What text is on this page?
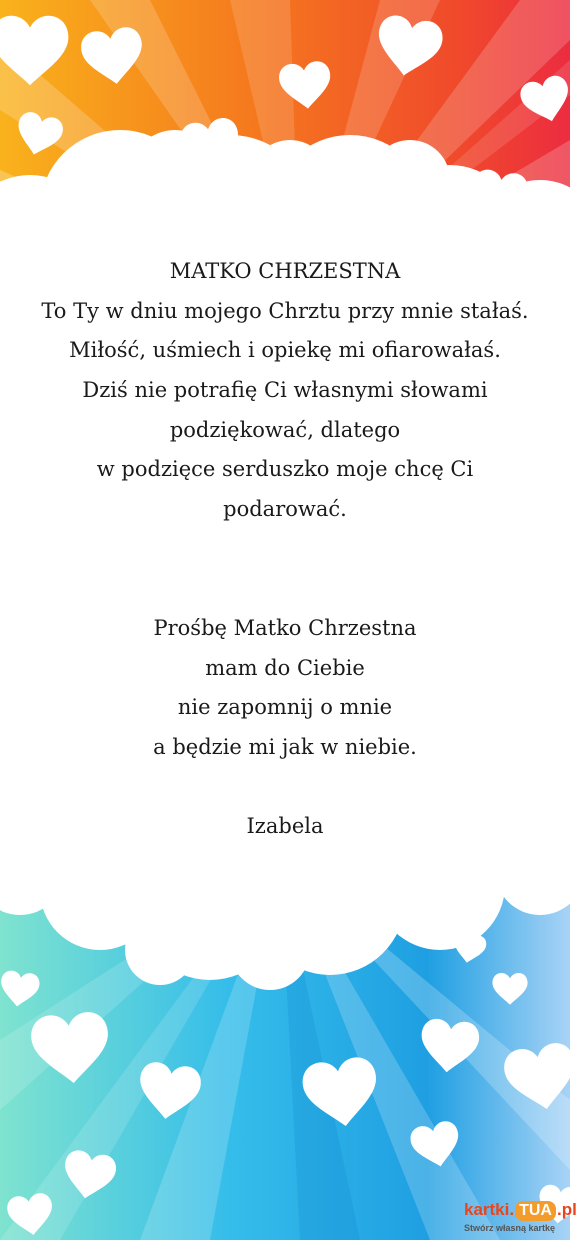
MATKO CHRZESTNA
To Ty w dniu mojego Chrztu przy mnie stałaś.
Miłość, uśmiech i opiekę mi ofiarowałaś.
Dziś nie potrafię Ci własnymi słowami
podziękować, dlatego
w podzięce serduszko moje chcę Ci
podarować.
Prośbę Matko Chrzestna
mam do Ciebie
nie zapomnij o mnie
a będzie mi jak w niebie.
Izabela
kartki. TUA .pl
Stwórz własną kartkę
